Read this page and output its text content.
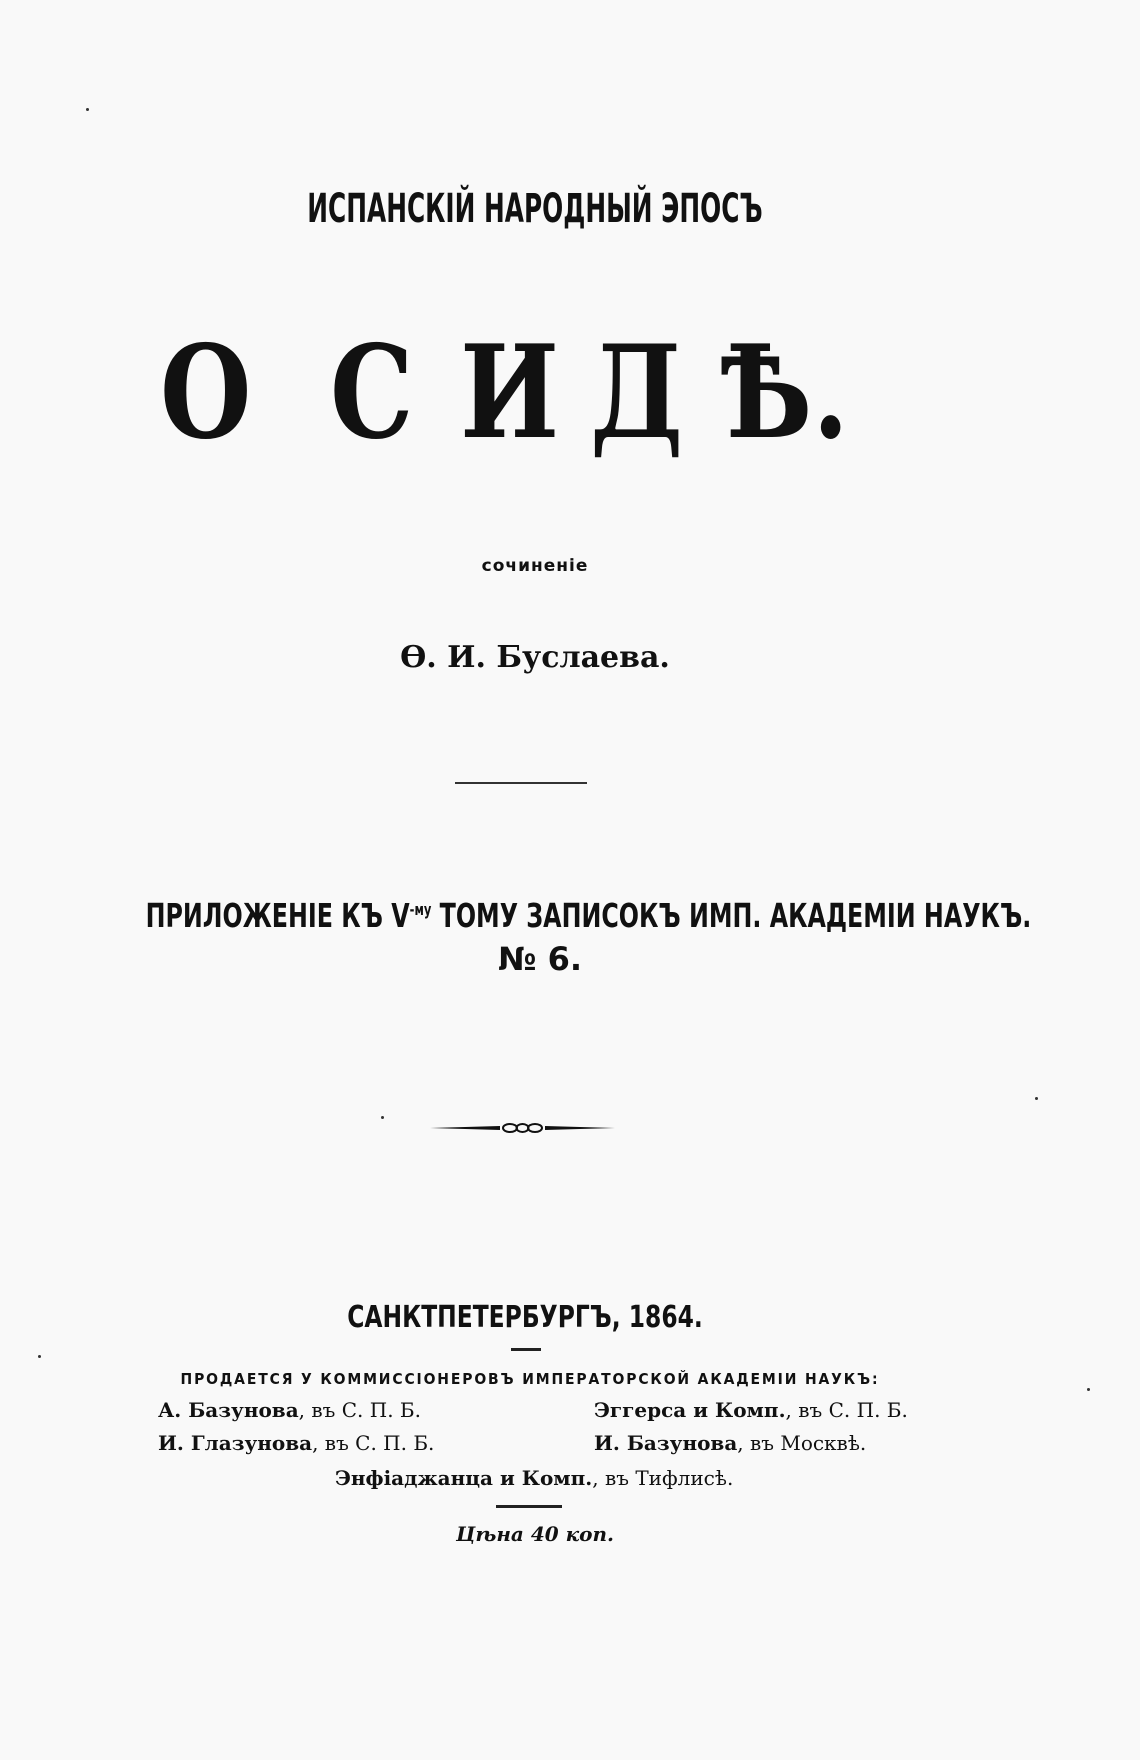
ИСПАНСКІЙ НАРОДНЫЙ ЭПОСЪ
О С И Д Ѣ.
сочиненіе
Ѳ. И. Буслаева.
ПРИЛОЖЕНІЕ КЪ $V^{-му}$ ТОМУ ЗАПИСОКЪ ИМП. АКАДЕМІИ НАУКЪ.
№ 6.
САНКТПЕТЕРБУРГЪ, 1864.
ПРОДАЕТСЯ У КОММИССІОНЕРОВЪ ИМПЕРАТОРСКОЙ АКАДЕМІИ НАУКЪ:
А. Базунова, въ С. П. Б.	Эггерса и Комп., въ С. П. Б.
И. Глазунова, въ С. П. Б.	И. Базунова, въ Москвѣ.
Энфіаджанца и Комп., въ Тифлисѣ.
Цѣна 40 коп.
